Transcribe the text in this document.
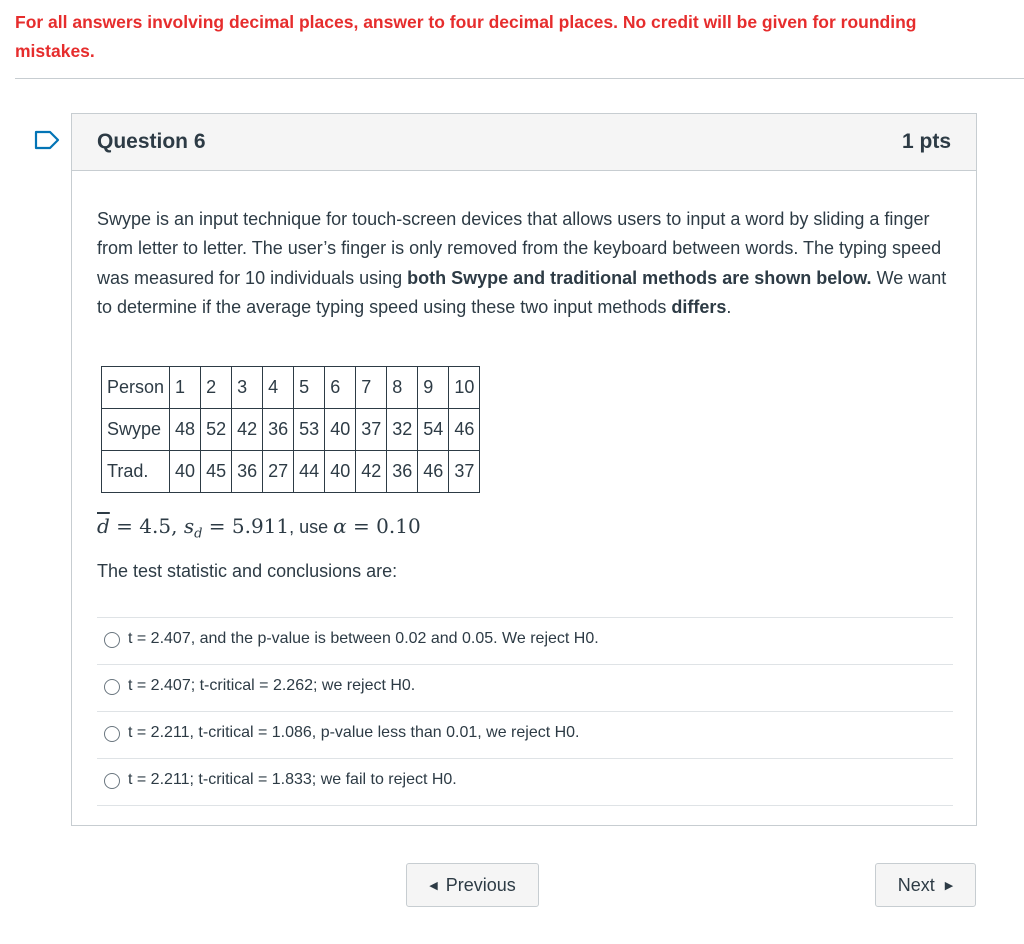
For all answers involving decimal places, answer to four decimal places. No credit will be given for rounding mistakes.
Question 6	1 pts
Swype is an input technique for touch-screen devices that allows users to input a word by sliding a finger from letter to letter. The user’s finger is only removed from the keyboard between words. The typing speed was measured for 10 individuals using both Swype and traditional methods are shown below. We want to determine if the average typing speed using these two input methods differs.
Person	1	2	3	4	5	6	7	8	9	10
Swype	48	52	42	36	53	40	37	32	54	46
Trad.	40	45	36	27	44	40	42	36	46	37
$\overline{d} = 4.5$, $s_d = 5.911$, use α = 0.10
The test statistic and conclusions are:
t = 2.407, and the p-value is between 0.02 and 0.05. We reject H0.
t = 2.407; t-critical = 2.262; we reject H0.
t = 2.211, t-critical = 1.086, p-value less than 0.01, we reject H0.
t = 2.211; t-critical = 1.833; we fail to reject H0.
◀ Previous	Next ▶
